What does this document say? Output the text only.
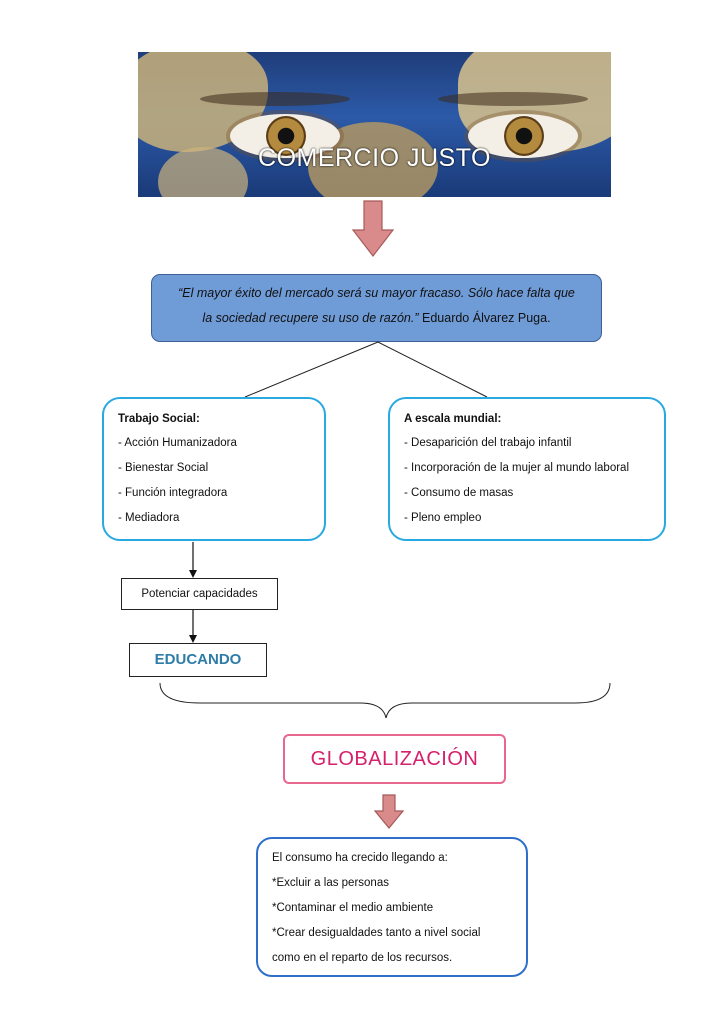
COMERCIO JUSTO
“El mayor éxito del mercado será su mayor fracaso. Sólo hace falta que
la sociedad recupere su uso de razón.” Eduardo Álvarez Puga.
Trabajo Social:
- Acción Humanizadora
- Bienestar Social
- Función integradora
- Mediadora
A escala mundial:
- Desaparición del trabajo infantil
- Incorporación de la mujer al mundo laboral
- Consumo de masas
- Pleno empleo
Potenciar capacidades
EDUCANDO
GLOBALIZACIÓN
El consumo ha crecido llegando a:
*Excluir a las personas
*Contaminar el medio ambiente
*Crear desigualdades tanto a nivel social
como en el reparto de los recursos.
